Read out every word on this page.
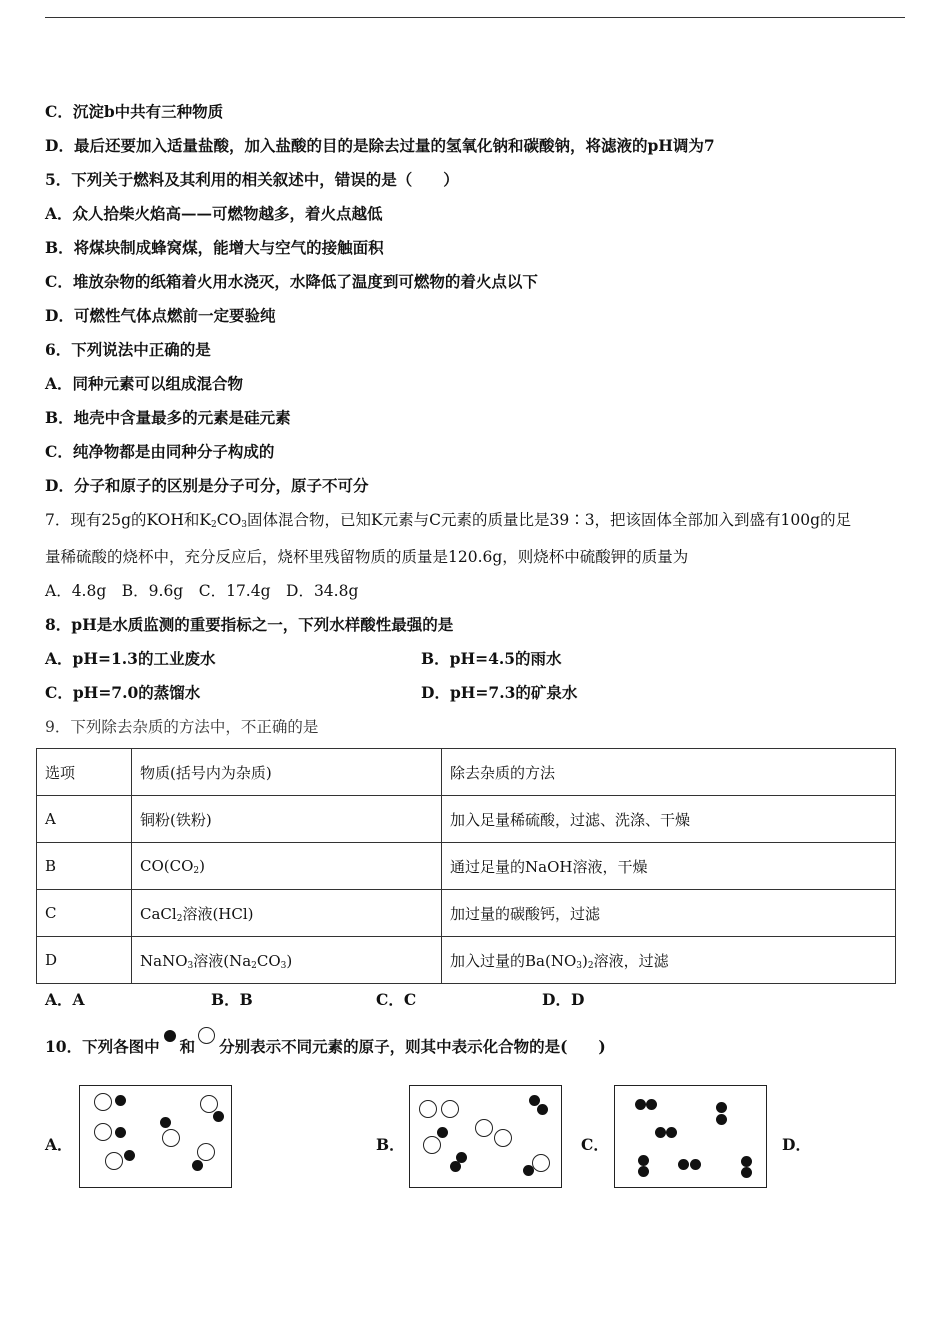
C．沉淀b中共有三种物质
D．最后还要加入适量盐酸，加入盐酸的目的是除去过量的氢氧化钠和碳酸钠，将滤液的pH调为7
5．下列关于燃料及其利用的相关叙述中，错误的是（　　）
A．众人拾柴火焰高——可燃物越多，着火点越低
B．将煤块制成蜂窝煤，能增大与空气的接触面积
C．堆放杂物的纸箱着火用水浇灭，水降低了温度到可燃物的着火点以下
D．可燃性气体点燃前一定要验纯
6．下列说法中正确的是
A．同种元素可以组成混合物
B．地壳中含量最多的元素是硅元素
C．纯净物都是由同种分子构成的
D．分子和原子的区别是分子可分，原子不可分
7．现有25g的KOH和$K_2CO_3$固体混合物，已知K元素与C元素的质量比是39∶3，把该固体全部加入到盛有100g的足
量稀硫酸的烧杯中，充分反应后，烧杯里残留物质的质量是120.6g，则烧杯中硫酸钾的质量为
A．4.8g　B．9.6g　C．17.4g　D．34.8g
8．pH是水质监测的重要指标之一，下列水样酸性最强的是
A．pH=1.3的工业废水	B．pH=4.5的雨水
C．pH=7.0的蒸馏水	D．pH=7.3的矿泉水
9．下列除去杂质的方法中，不正确的是
选项	物质(括号内为杂质)	除去杂质的方法
A	铜粉(铁粉)	加入足量稀硫酸，过滤、洗涤、干燥
B	$CO(CO_2)$	通过足量的NaOH溶液，干燥
C	CaCl$_2$溶液(HCl)	加过量的碳酸钙，过滤
D	NaNO$_3$溶液$(Na_2CO_3)$	加入过量的$Ba(NO_3)_2$溶液，过滤
A．A	B．B	C．C	D．D
10．下列各图中 和 分别表示不同元素的原子，则其中表示化合物的是(　　)
A．	B．	C．	D．
